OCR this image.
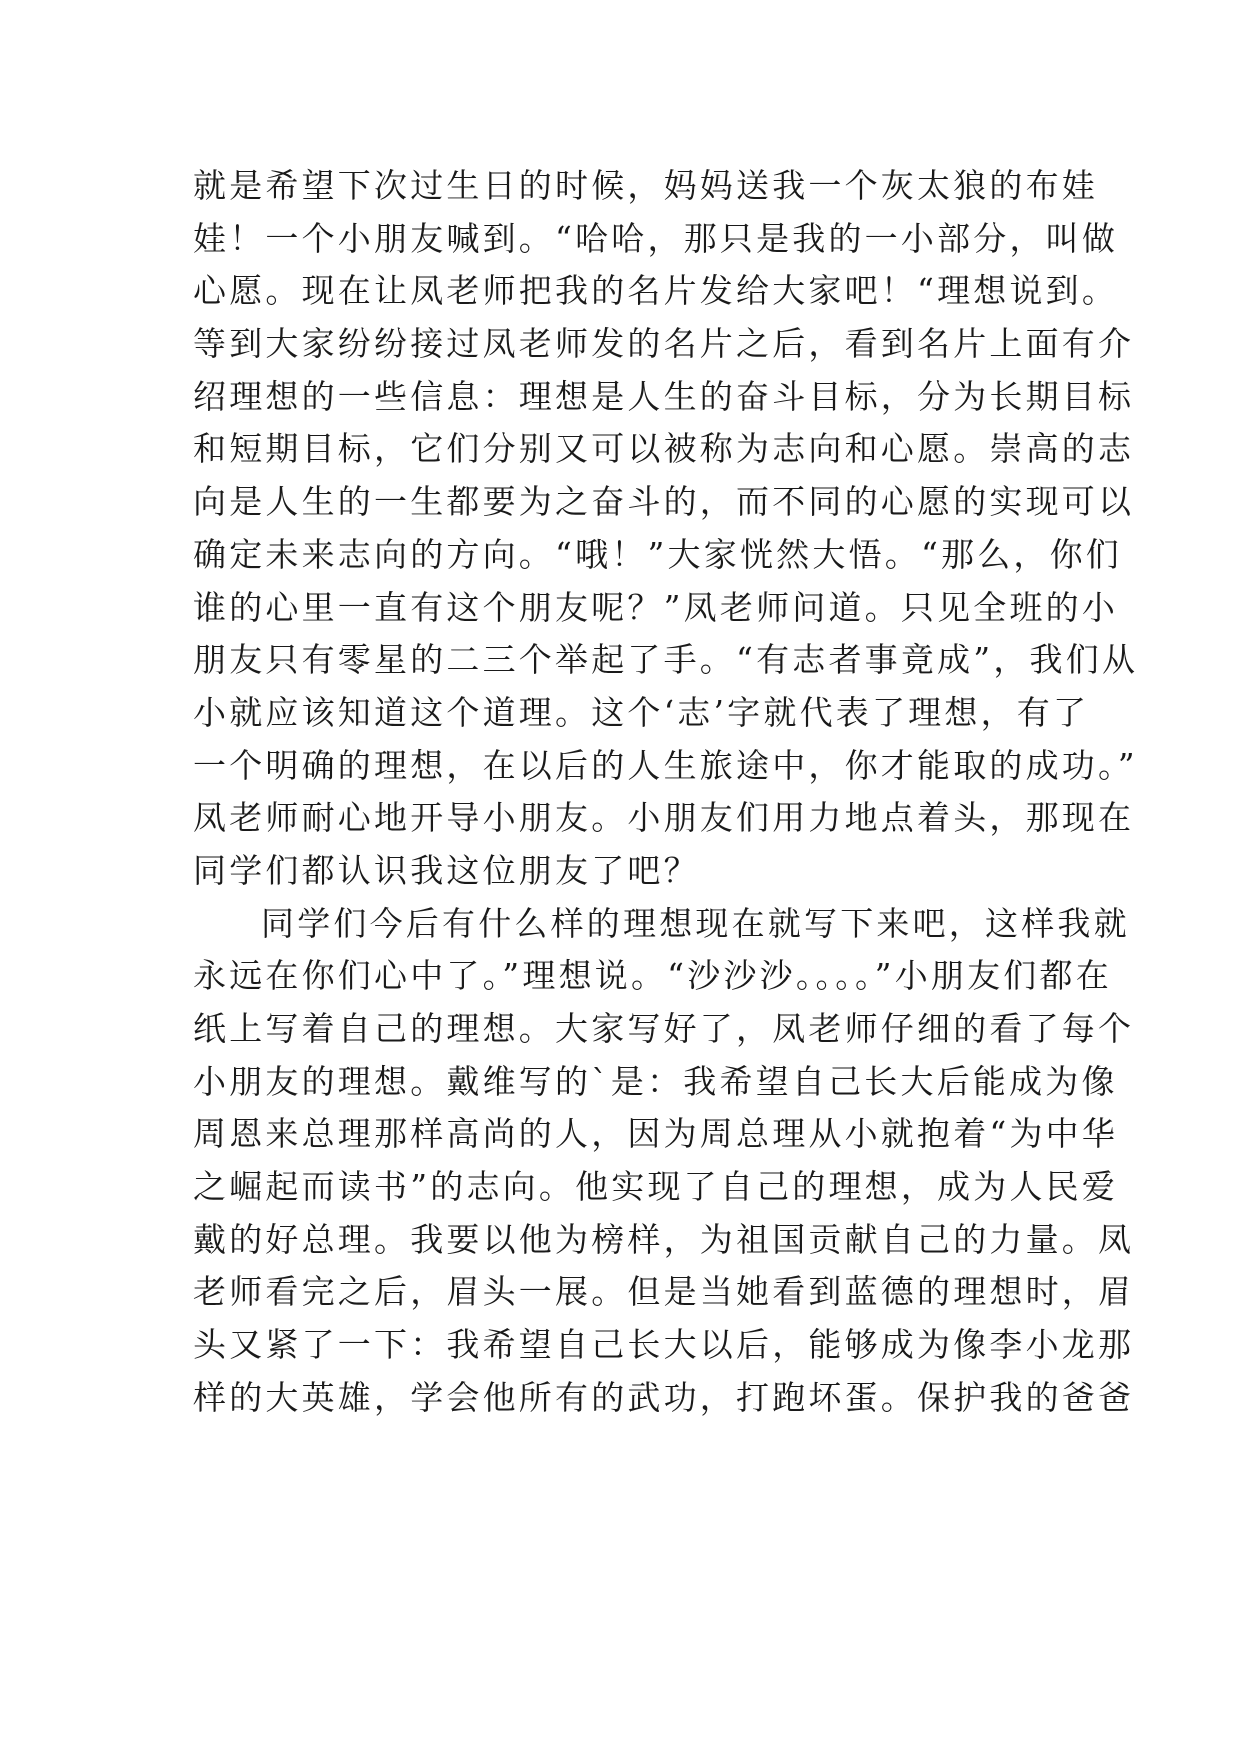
就是希望下次过生日的时候，妈妈送我一个灰太狼的布娃
娃！一个小朋友喊到。“哈哈，那只是我的一小部分，叫做
心愿。现在让凤老师把我的名片发给大家吧！“理想说到。
等到大家纷纷接过凤老师发的名片之后，看到名片上面有介
绍理想的一些信息：理想是人生的奋斗目标，分为长期目标
和短期目标，它们分别又可以被称为志向和心愿。崇高的志
向是人生的一生都要为之奋斗的，而不同的心愿的实现可以
确定未来志向的方向。“哦！”大家恍然大悟。“那么，你们
谁的心里一直有这个朋友呢？”凤老师问道。只见全班的小
朋友只有零星的二三个举起了手。“有志者事竟成”，我们从
小就应该知道这个道理。这个‘志’字就代表了理想，有了
一个明确的理想，在以后的人生旅途中，你才能取的成功。”
凤老师耐心地开导小朋友。小朋友们用力地点着头，那现在
同学们都认识我这位朋友了吧？
同学们今后有什么样的理想现在就写下来吧，这样我就
永远在你们心中了。”理想说。“沙沙沙。。。。”小朋友们都在
纸上写着自己的理想。大家写好了，凤老师仔细的看了每个
小朋友的理想。戴维写的`是：我希望自己长大后能成为像
周恩来总理那样高尚的人，因为周总理从小就抱着“为中华
之崛起而读书”的志向。他实现了自己的理想，成为人民爱
戴的好总理。我要以他为榜样，为祖国贡献自己的力量。凤
老师看完之后，眉头一展。但是当她看到蓝德的理想时，眉
头又紧了一下：我希望自己长大以后，能够成为像李小龙那
样的大英雄，学会他所有的武功，打跑坏蛋。保护我的爸爸
